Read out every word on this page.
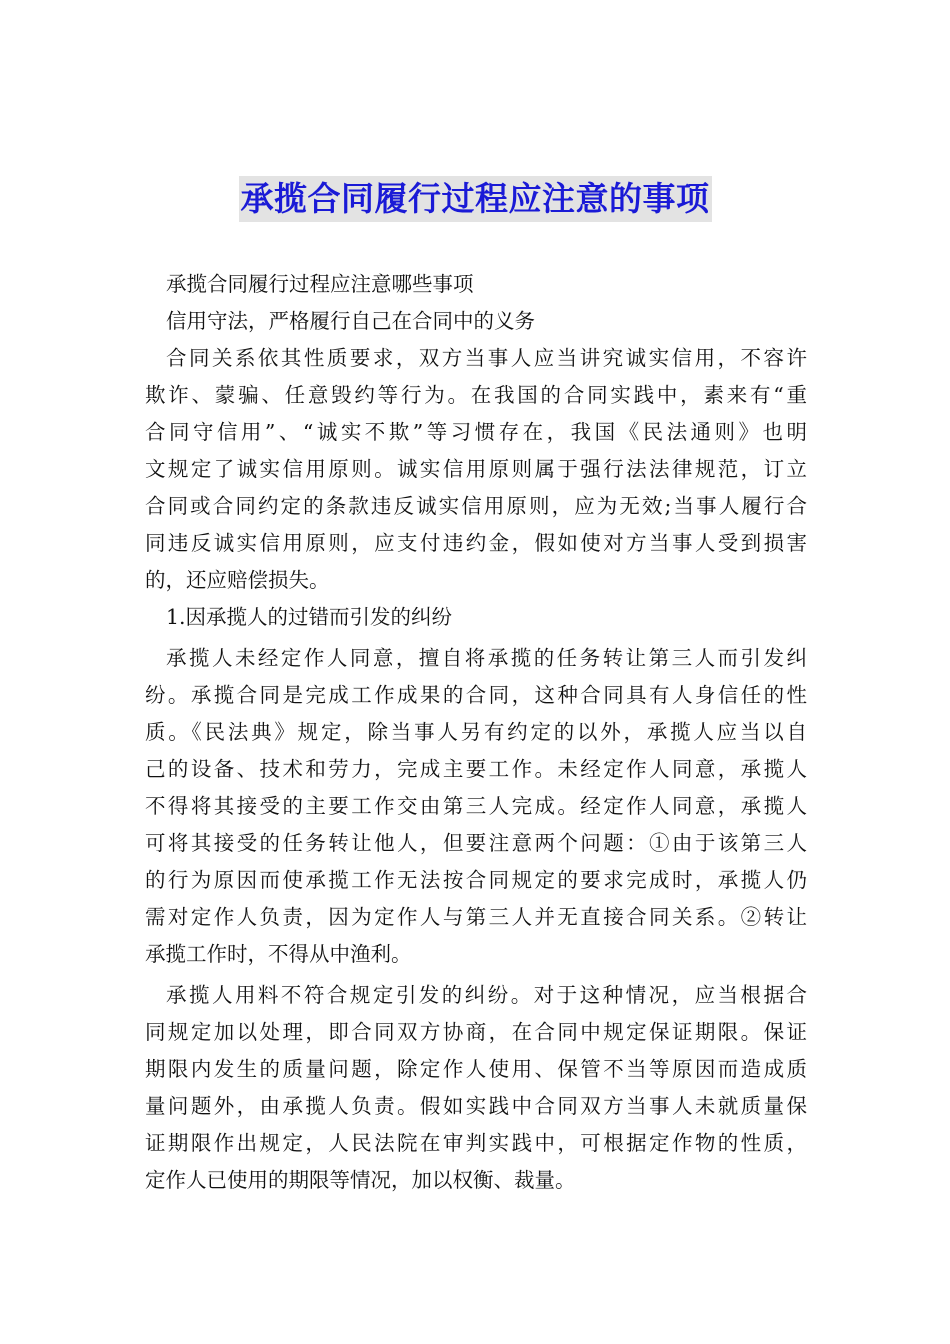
承揽合同履行过程应注意的事项
承揽合同履行过程应注意哪些事项
信用守法，严格履行自己在合同中的义务
合同关系依其性质要求，双方当事人应当讲究诚实信用，不容许
欺诈、蒙骗、任意毁约等行为。在我国的合同实践中，素来有“重
合同守信用”、“诚实不欺”等习惯存在，我国《民法通则》也明
文规定了诚实信用原则。诚实信用原则属于强行法法律规范，订立
合同或合同约定的条款违反诚实信用原则，应为无效;当事人履行合
同违反诚实信用原则，应支付违约金，假如使对方当事人受到损害
的，还应赔偿损失。
1.因承揽人的过错而引发的纠纷
承揽人未经定作人同意，擅自将承揽的任务转让第三人而引发纠
纷。承揽合同是完成工作成果的合同，这种合同具有人身信任的性
质。《民法典》规定，除当事人另有约定的以外，承揽人应当以自
己的设备、技术和劳力，完成主要工作。未经定作人同意，承揽人
不得将其接受的主要工作交由第三人完成。经定作人同意，承揽人
可将其接受的任务转让他人，但要注意两个问题：①由于该第三人
的行为原因而使承揽工作无法按合同规定的要求完成时，承揽人仍
需对定作人负责，因为定作人与第三人并无直接合同关系。②转让
承揽工作时，不得从中渔利。
承揽人用料不符合规定引发的纠纷。对于这种情况，应当根据合
同规定加以处理，即合同双方协商，在合同中规定保证期限。保证
期限内发生的质量问题，除定作人使用、保管不当等原因而造成质
量问题外，由承揽人负责。假如实践中合同双方当事人未就质量保
证期限作出规定，人民法院在审判实践中，可根据定作物的性质，
定作人已使用的期限等情况，加以权衡、裁量。
